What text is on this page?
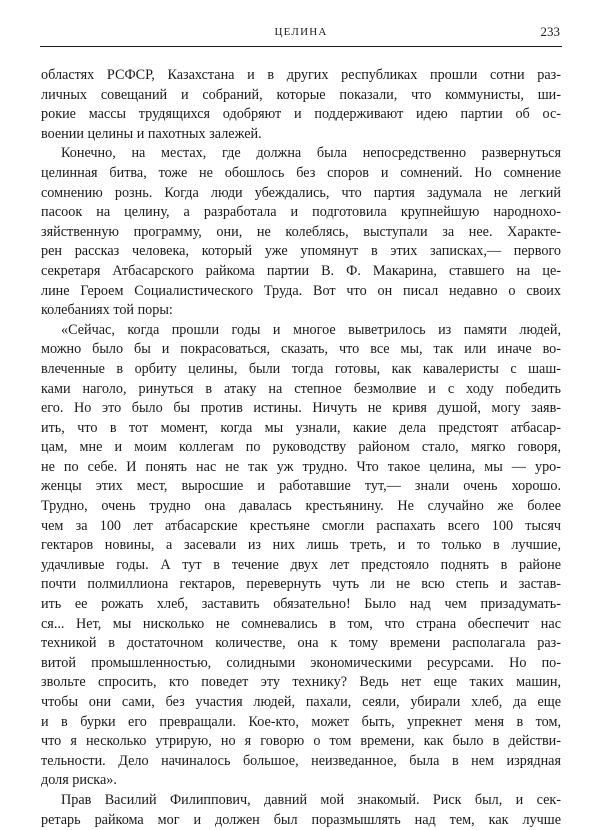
ЦЕЛИНА	233
областях РСФСР, Казахстана и в других республиках прошли сотни раз-
личных совещаний и собраний, которые показали, что коммунисты, ши-
рокие массы трудящихся одобряют и поддерживают идею партии об ос-
воении целины и пахотных залежей.
Конечно, на местах, где должна была непосредственно развернуться
целинная битва, тоже не обошлось без споров и сомнений. Но сомнение
сомнению рознь. Когда люди убеждались, что партия задумала не легкий
пасоок на целину, а разработала и подготовила крупнейшую народнохо-
зяйственную программу, они, не колеблясь, выступали за нее. Характе-
рен рассказ человека, который уже упомянут в этих записках,— первого
секретаря Атбасарского райкома партии В. Ф. Макарина, ставшего на це-
лине Героем Социалистического Труда. Вот что он писал недавно о своих
колебаниях той поры:
«Сейчас, когда прошли годы и многое выветрилось из памяти людей,
можно было бы и покрасоваться, сказать, что все мы, так или иначе во-
влеченные в орбиту целины, были тогда готовы, как кавалеристы с шаш-
ками наголо, ринуться в атаку на степное безмолвие и с ходу победить
его. Но это было бы против истины. Ничуть не кривя душой, могу заяв-
ить, что в тот момент, когда мы узнали, какие дела предстоят атбасар-
цам, мне и моим коллегам по руководству районом стало, мягко говоря,
не по себе. И понять нас не так уж трудно. Что такое целина, мы — уро-
женцы этих мест, выросшие и работавшие тут,— знали очень хорошо.
Трудно, очень трудно она давалась крестьянину. Не случайно же более
чем за 100 лет атбасарские крестьяне смогли распахать всего 100 тысяч
гектаров новины, а засевали из них лишь треть, и то только в лучшие,
удачливые годы. А тут в течение двух лет предстояло поднять в районе
почти полмиллиона гектаров, перевернуть чуть ли не всю степь и застав-
ить ее рожать хлеб, заставить обязательно! Было над чем призадумать-
ся... Нет, мы нисколько не сомневались в том, что страна обеспечит нас
техникой в достаточном количестве, она к тому времени располагала раз-
витой промышленностью, солидными экономическими ресурсами. Но по-
звольте спросить, кто поведет эту технику? Ведь нет еще таких машин,
чтобы они сами, без участия людей, пахали, сеяли, убирали хлеб, да еще
и в бурки его превращали. Кое-кто, может быть, упрекнет меня в том,
что я несколько утрирую, но я говорю о том времени, как было в действи-
тельности. Дело начиналось большое, неизведанное, была в нем изрядная
доля риска».
Прав Василий Филиппович, давний мой знакомый. Риск был, и сек-
ретарь райкома мог и должен был поразмышлять над тем, как лучше
